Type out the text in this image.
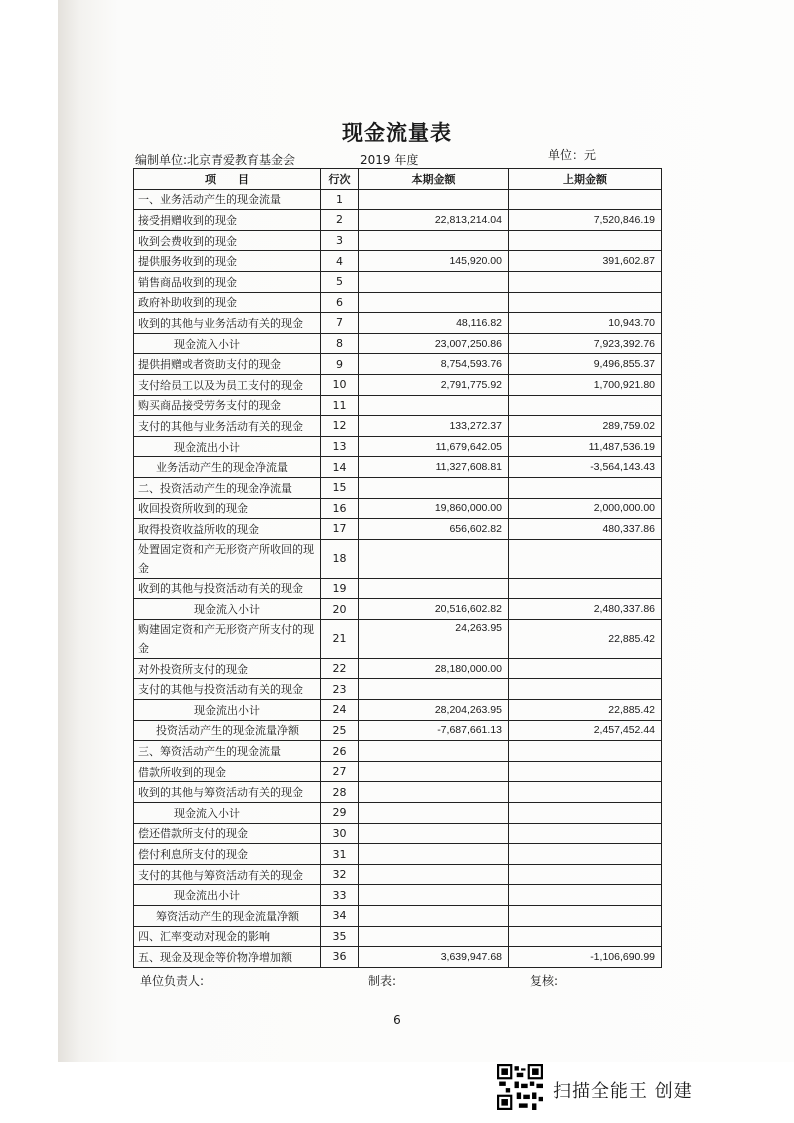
现金流量表
编制单位:北京青爱教育基金会	2019 年度	单位：元
项　　目	行次	本期金额	上期金额
一、业务活动产生的现金流量	1		
接受捐赠收到的现金	2	22,813,214.04	7,520,846.19
收到会费收到的现金	3		
提供服务收到的现金	4	145,920.00	391,602.87
销售商品收到的现金	5		
政府补助收到的现金	6		
收到的其他与业务活动有关的现金	7	48,116.82	10,943.70
现金流入小计	8	23,007,250.86	7,923,392.76
提供捐赠或者资助支付的现金	9	8,754,593.76	9,496,855.37
支付给员工以及为员工支付的现金	10	2,791,775.92	1,700,921.80
购买商品接受劳务支付的现金	11		
支付的其他与业务活动有关的现金	12	133,272.37	289,759.02
现金流出小计	13	11,679,642.05	11,487,536.19
业务活动产生的现金净流量	14	11,327,608.81	-3,564,143.43
二、投资活动产生的现金净流量	15		
收回投资所收到的现金	16	19,860,000.00	2,000,000.00
取得投资收益所收的现金	17	656,602.82	480,337.86
处置固定资和产无形资产所收回的现金	18		
收到的其他与投资活动有关的现金	19		
现金流入小计	20	20,516,602.82	2,480,337.86
购建固定资和产无形资产所支付的现金	21	24,263.95	22,885.42
对外投资所支付的现金	22	28,180,000.00	
支付的其他与投资活动有关的现金	23		
现金流出小计	24	28,204,263.95	22,885.42
投资活动产生的现金流量净额	25	-7,687,661.13	2,457,452.44
三、筹资活动产生的现金流量	26		
借款所收到的现金	27		
收到的其他与筹资活动有关的现金	28		
现金流入小计	29		
偿还借款所支付的现金	30		
偿付利息所支付的现金	31		
支付的其他与筹资活动有关的现金	32		
现金流出小计	33		
筹资活动产生的现金流量净额	34		
四、汇率变动对现金的影响	35		
五、现金及现金等价物净增加额	36	3,639,947.68	-1,106,690.99
单位负责人:	制表:	复核:
6
扫描全能王 创建
